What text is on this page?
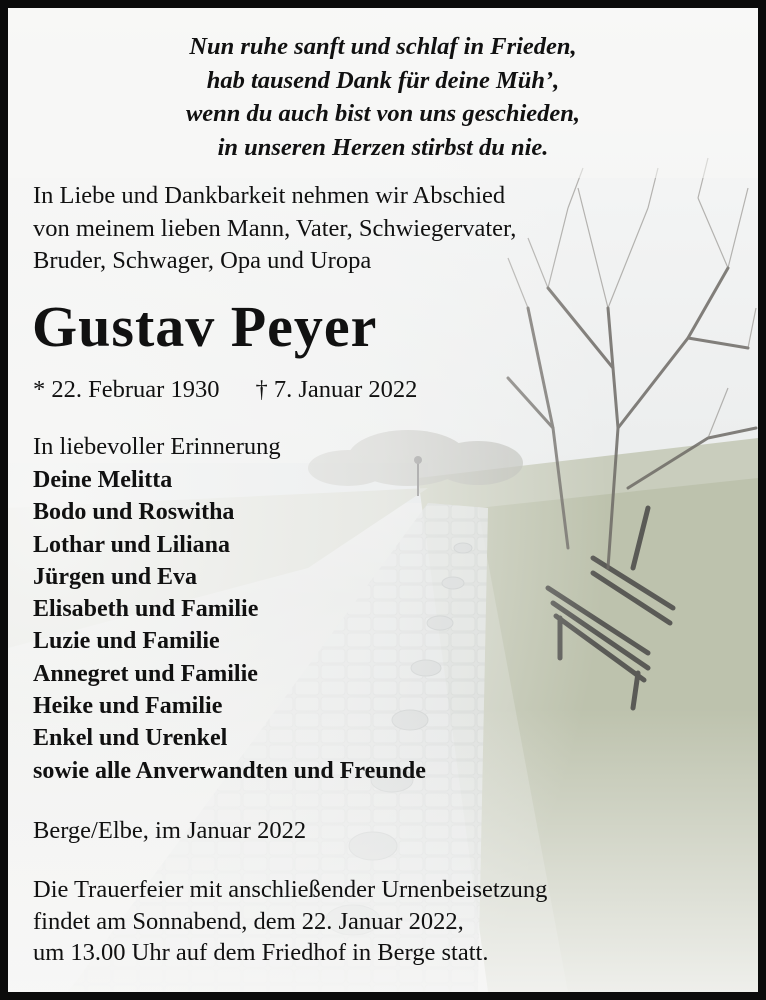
Nun ruhe sanft und schlaf in Frieden,
hab tausend Dank für deine Müh’,
wenn du auch bist von uns geschieden,
in unseren Herzen stirbst du nie.
In Liebe und Dankbarkeit nehmen wir Abschied
von meinem lieben Mann, Vater, Schwiegervater,
Bruder, Schwager, Opa und Uropa
Gustav Peyer
* 22. Februar 1930 † 7. Januar 2022
In liebevoller Erinnerung
Deine Melitta
Bodo und Roswitha
Lothar und Liliana
Jürgen und Eva
Elisabeth und Familie
Luzie und Familie
Annegret und Familie
Heike und Familie
Enkel und Urenkel
sowie alle Anverwandten und Freunde
Berge/Elbe, im Januar 2022
Die Trauerfeier mit anschließender Urnenbeisetzung
findet am Sonnabend, dem 22. Januar 2022,
um 13.00 Uhr auf dem Friedhof in Berge statt.
